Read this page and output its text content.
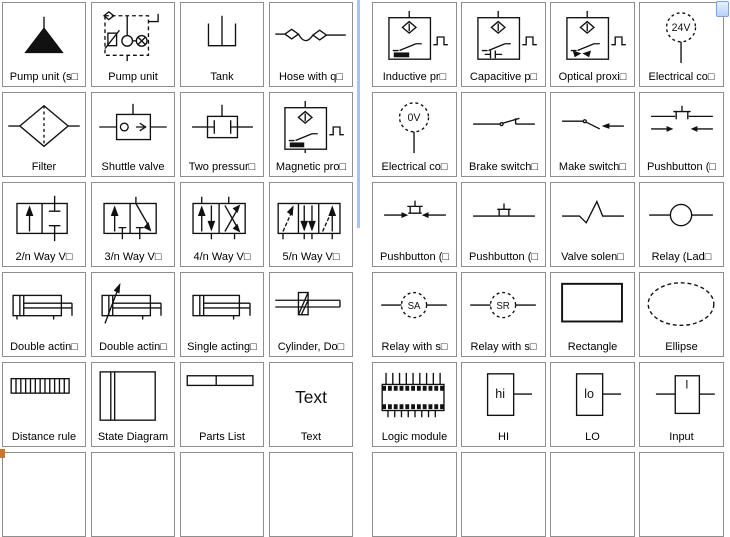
Pump unit (s□	Pump unit	Tank	Hose with q□
Filter	Shuttle valve Two pressur□ Magnetic pro□
2/n Way V□	3/n Way V□	4/n Way V□	5/n Way V□
Double actin□ Double actin□ Single acting□ Cylinder, Do□
Distance rule State Diagram	Parts List
Text
Text
Inductive pr□ Capacitive p□ Optical proxi□
24V
Electrical co□
0V
Electrical co□ Brake switch□ Make switch□ Pushbutton (□
Pushbutton (□ Pushbutton (□ Valve solen□	Relay (Lad□
SA
Relay with s□
SR
Relay with s□	Rectangle	Ellipse
Logic module
hi
HI
lo
LO
I
Input
